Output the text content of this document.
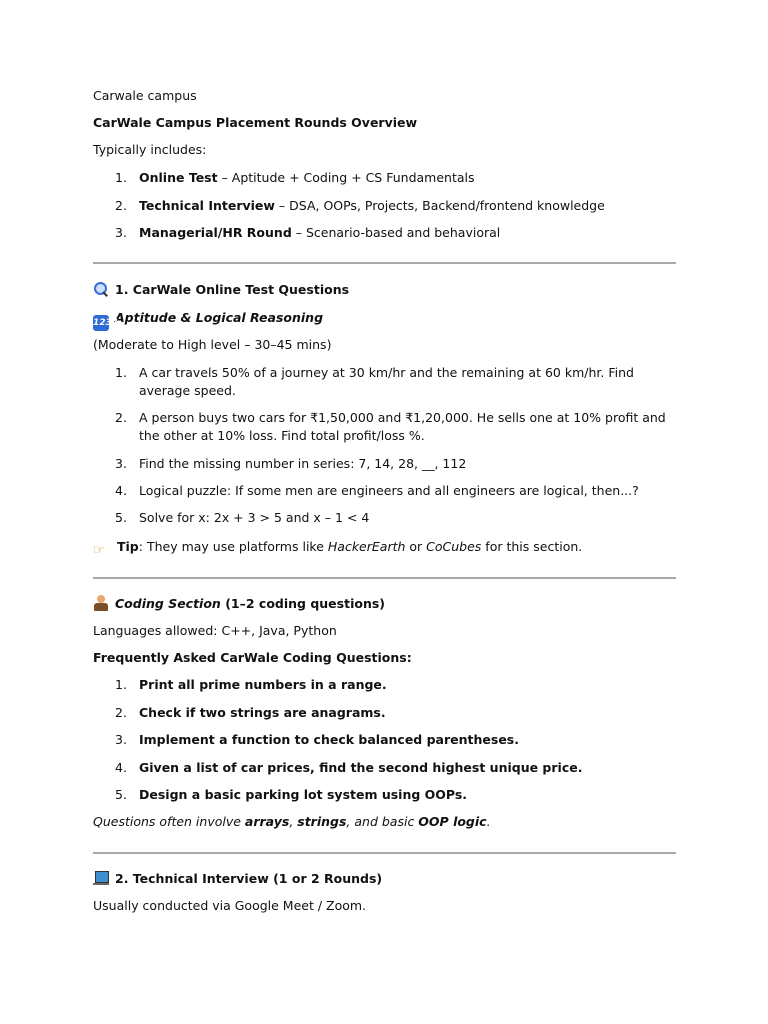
Carwale campus
CarWale Campus Placement Rounds Overview
Typically includes:
1. Online Test – Aptitude + Coding + CS Fundamentals
2. Technical Interview – DSA, OOPs, Projects, Backend/frontend knowledge
3. Managerial/HR Round – Scenario-based and behavioral
1. CarWale Online Test Questions
1234Aptitude & Logical Reasoning
(Moderate to High level – 30–45 mins)
1. A car travels 50% of a journey at 30 km/hr and the remaining at 60 km/hr. Find average speed.
2. A person buys two cars for ₹1,50,000 and ₹1,20,000. He sells one at 10% profit and the other at 10% loss. Find total profit/loss %.
3. Find the missing number in series: 7, 14, 28, __, 112
4. Logical puzzle: If some men are engineers and all engineers are logical, then...?
5. Solve for x: 2x + 3 > 5 and x – 1 < 4
☞ Tip: They may use platforms like HackerEarth or CoCubes for this section.
Coding Section (1–2 coding questions)
Languages allowed: C++, Java, Python
Frequently Asked CarWale Coding Questions:
1. Print all prime numbers in a range.
2. Check if two strings are anagrams.
3. Implement a function to check balanced parentheses.
4. Given a list of car prices, find the second highest unique price.
5. Design a basic parking lot system using OOPs.
Questions often involve arrays, strings, and basic OOP logic.
2. Technical Interview (1 or 2 Rounds)
Usually conducted via Google Meet / Zoom.
